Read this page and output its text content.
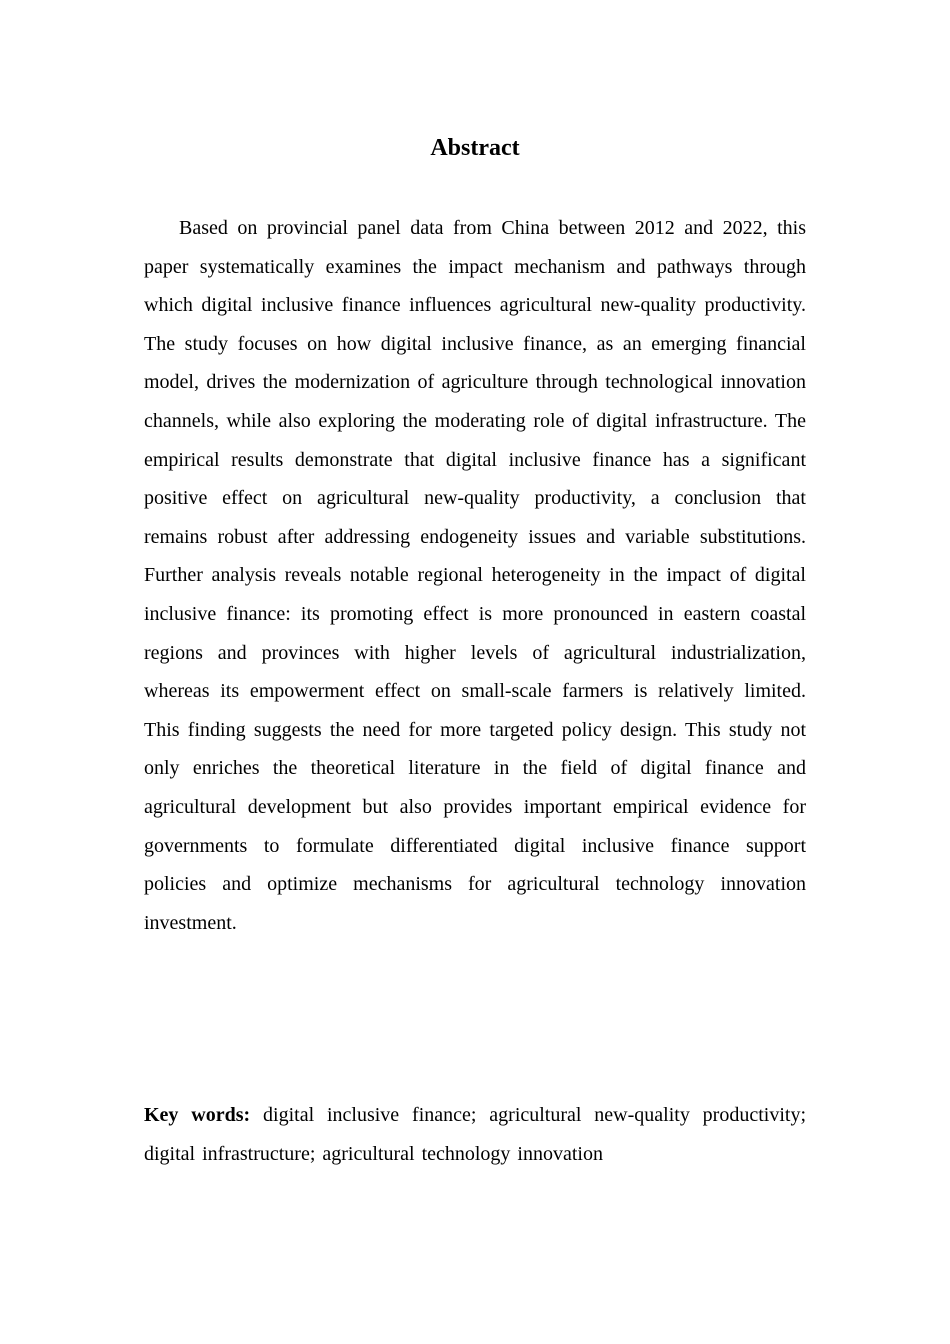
Abstract

Based on provincial panel data from China between 2012 and 2022, this paper systematically examines the impact mechanism and pathways through which digital inclusive finance influences agricultural new-quality productivity. The study focuses on how digital inclusive finance, as an emerging financial model, drives the modernization of agriculture through technological innovation channels, while also exploring the moderating role of digital infrastructure. The empirical results demonstrate that digital inclusive finance has a significant positive effect on agricultural new-quality productivity, a conclusion that remains robust after addressing endogeneity issues and variable substitutions. Further analysis reveals notable regional heterogeneity in the impact of digital inclusive finance: its promoting effect is more pronounced in eastern coastal regions and provinces with higher levels of agricultural industrialization, whereas its empowerment effect on small-scale farmers is relatively limited. This finding suggests the need for more targeted policy design. This study not only enriches the theoretical literature in the field of digital finance and agricultural development but also provides important empirical evidence for governments to formulate differentiated digital inclusive finance support policies and optimize mechanisms for agricultural technology innovation investment.

Key words: digital inclusive finance; agricultural new-quality productivity; digital infrastructure; agricultural technology innovation
